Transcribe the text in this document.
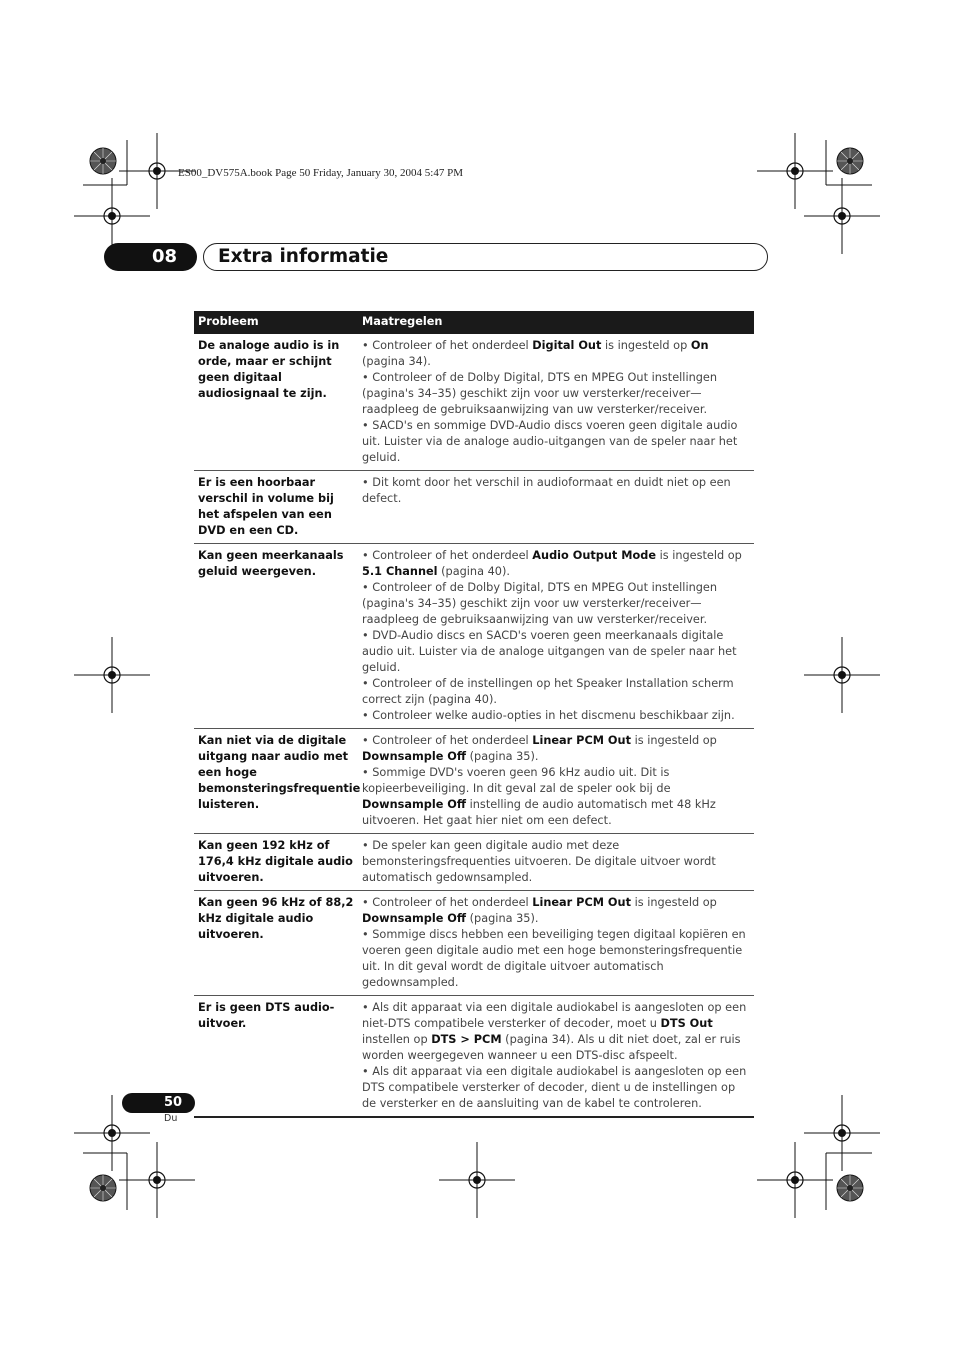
ES00_DV575A.book Page 50 Friday, January 30, 2004 5:47 PM
08 Extra informatie
Probleem	Maatregelen
De analoge audio is in orde, maar er schijnt geen digitaal audiosignaal te zijn.	• Controleer of het onderdeel Digital Out is ingesteld op On (pagina 34).
• Controleer of de Dolby Digital, DTS en MPEG Out instellingen (pagina's 34–35) geschikt zijn voor uw versterker/receiver—raadpleeg de gebruiksaanwijzing van uw versterker/receiver.
• SACD's en sommige DVD-Audio discs voeren geen digitale audio uit. Luister via de analoge audio-uitgangen van de speler naar het geluid.

Er is een hoorbaar verschil in volume bij het afspelen van een DVD en een CD.	• Dit komt door het verschil in audioformaat en duidt niet op een defect.

Kan geen meerkanaals geluid weergeven.	• Controleer of het onderdeel Audio Output Mode is ingesteld op 5.1 Channel (pagina 40).
• Controleer of de Dolby Digital, DTS en MPEG Out instellingen (pagina's 34–35) geschikt zijn voor uw versterker/receiver—raadpleeg de gebruiksaanwijzing van uw versterker/receiver.
• DVD-Audio discs en SACD's voeren geen meerkanaals digitale audio uit. Luister via de analoge uitgangen van de speler naar het geluid.
• Controleer of de instellingen op het Speaker Installation scherm correct zijn (pagina 40).
• Controleer welke audio-opties in het discmenu beschikbaar zijn.

Kan niet via de digitale uitgang naar audio met een hoge bemonsteringsfrequentie luisteren.	• Controleer of het onderdeel Linear PCM Out is ingesteld op Downsample Off (pagina 35).
• Sommige DVD's voeren geen 96 kHz audio uit. Dit is kopieerbeveiliging. In dit geval zal de speler ook bij de Downsample Off instelling de audio automatisch met 48 kHz uitvoeren. Het gaat hier niet om een defect.

Kan geen 192 kHz of 176,4 kHz digitale audio uitvoeren.	• De speler kan geen digitale audio met deze bemonsteringsfrequenties uitvoeren. De digitale uitvoer wordt automatisch gedownsampled.

Kan geen 96 kHz of 88,2 kHz digitale audio uitvoeren.	• Controleer of het onderdeel Linear PCM Out is ingesteld op Downsample Off (pagina 35).
• Sommige discs hebben een beveiliging tegen digitaal kopiëren en voeren geen digitale audio met een hoge bemonsteringsfrequentie uit. In dit geval wordt de digitale uitvoer automatisch gedownsampled.

Er is geen DTS audio-uitvoer.	• Als dit apparaat via een digitale audiokabel is aangesloten op een niet-DTS compatibele versterker of decoder, moet u DTS Out instellen op DTS > PCM (pagina 34). Als u dit niet doet, zal er ruis worden weergegeven wanneer u een DTS-disc afspeelt.
• Als dit apparaat via een digitale audiokabel is aangesloten op een DTS compatibele versterker of decoder, dient u de instellingen op de versterker en de aansluiting van de kabel te controleren.
50
Du
